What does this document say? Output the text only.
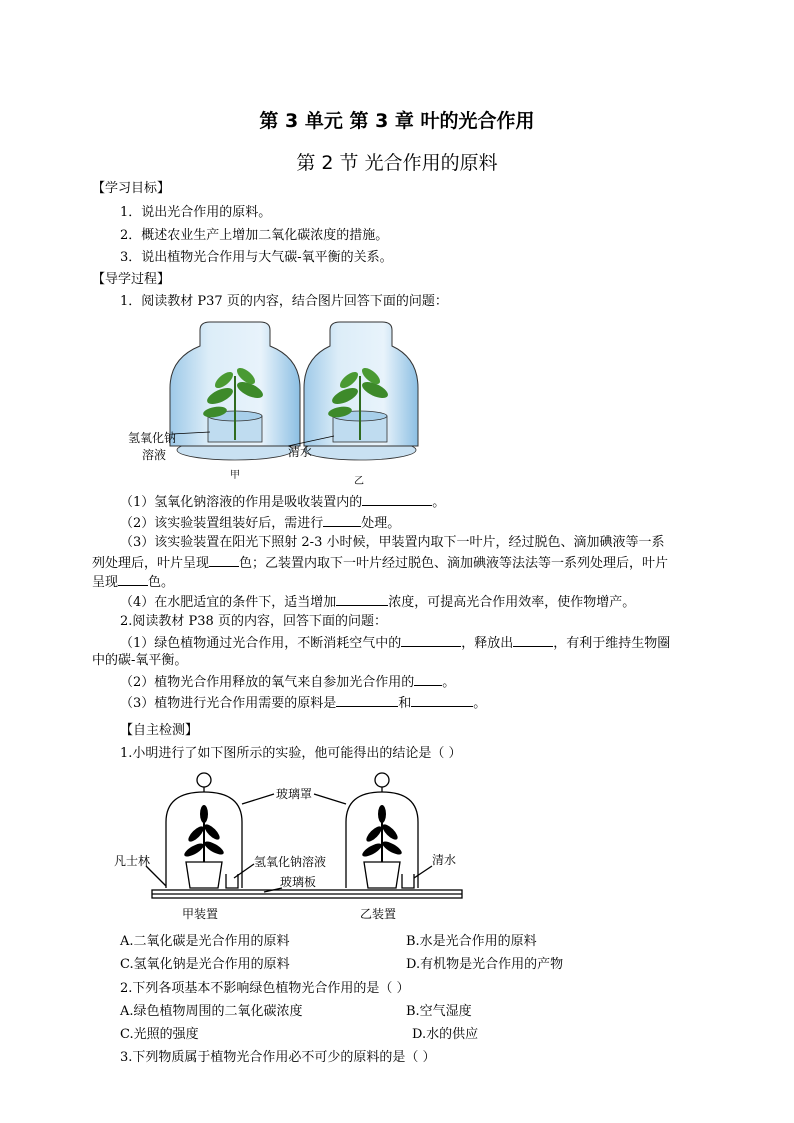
第 3 单元 第 3 章 叶的光合作用
第 2 节 光合作用的原料
【学习目标】
1．说出光合作用的原料。
2．概述农业生产上增加二氧化碳浓度的措施。
3．说出植物光合作用与大气碳-氧平衡的关系。
【导学过程】
1．阅读教材 P37 页的内容，结合图片回答下面的问题：
氢氧化钠
溶液	清水
甲
乙
（1）氢氧化钠溶液的作用是吸收装置内的	。
（2）该实验装置组装好后，需进行	处理。
（3）该实验装置在阳光下照射 2-3 小时候，甲装置内取下一叶片，经过脱色、滴加碘液等一系
列处理后，叶片呈现 色；乙装置内取下一叶片经过脱色、滴加碘液等法法等一系列处理后，叶片
呈现 色。
（4）在水肥适宜的条件下，适当增加	浓度，可提高光合作用效率，使作物增产。
2.阅读教材 P38 页的内容，回答下面的问题：
（1）绿色植物通过光合作用，不断消耗空气中的	，释放出	，有利于维持生物圈
中的碳-氧平衡。
（2）植物光合作用释放的氧气来自参加光合作用的 。
（3）植物进行光合作用需要的原料是	和	。
【自主检测】
1.小明进行了如下图所示的实验，他可能得出的结论是（ ）
玻璃罩
凡士林	氢氧化钠溶液
玻璃板
清水
甲装置	乙装置
A.二氧化碳是光合作用的原料	B.水是光合作用的原料
C.氢氧化钠是光合作用的原料	D.有机物是光合作用的产物
2.下列各项基本不影响绿色植物光合作用的是（ ）
A.绿色植物周围的二氧化碳浓度	B.空气湿度
C.光照的强度	D.水的供应
3.下列物质属于植物光合作用必不可少的原料的是（ ）
